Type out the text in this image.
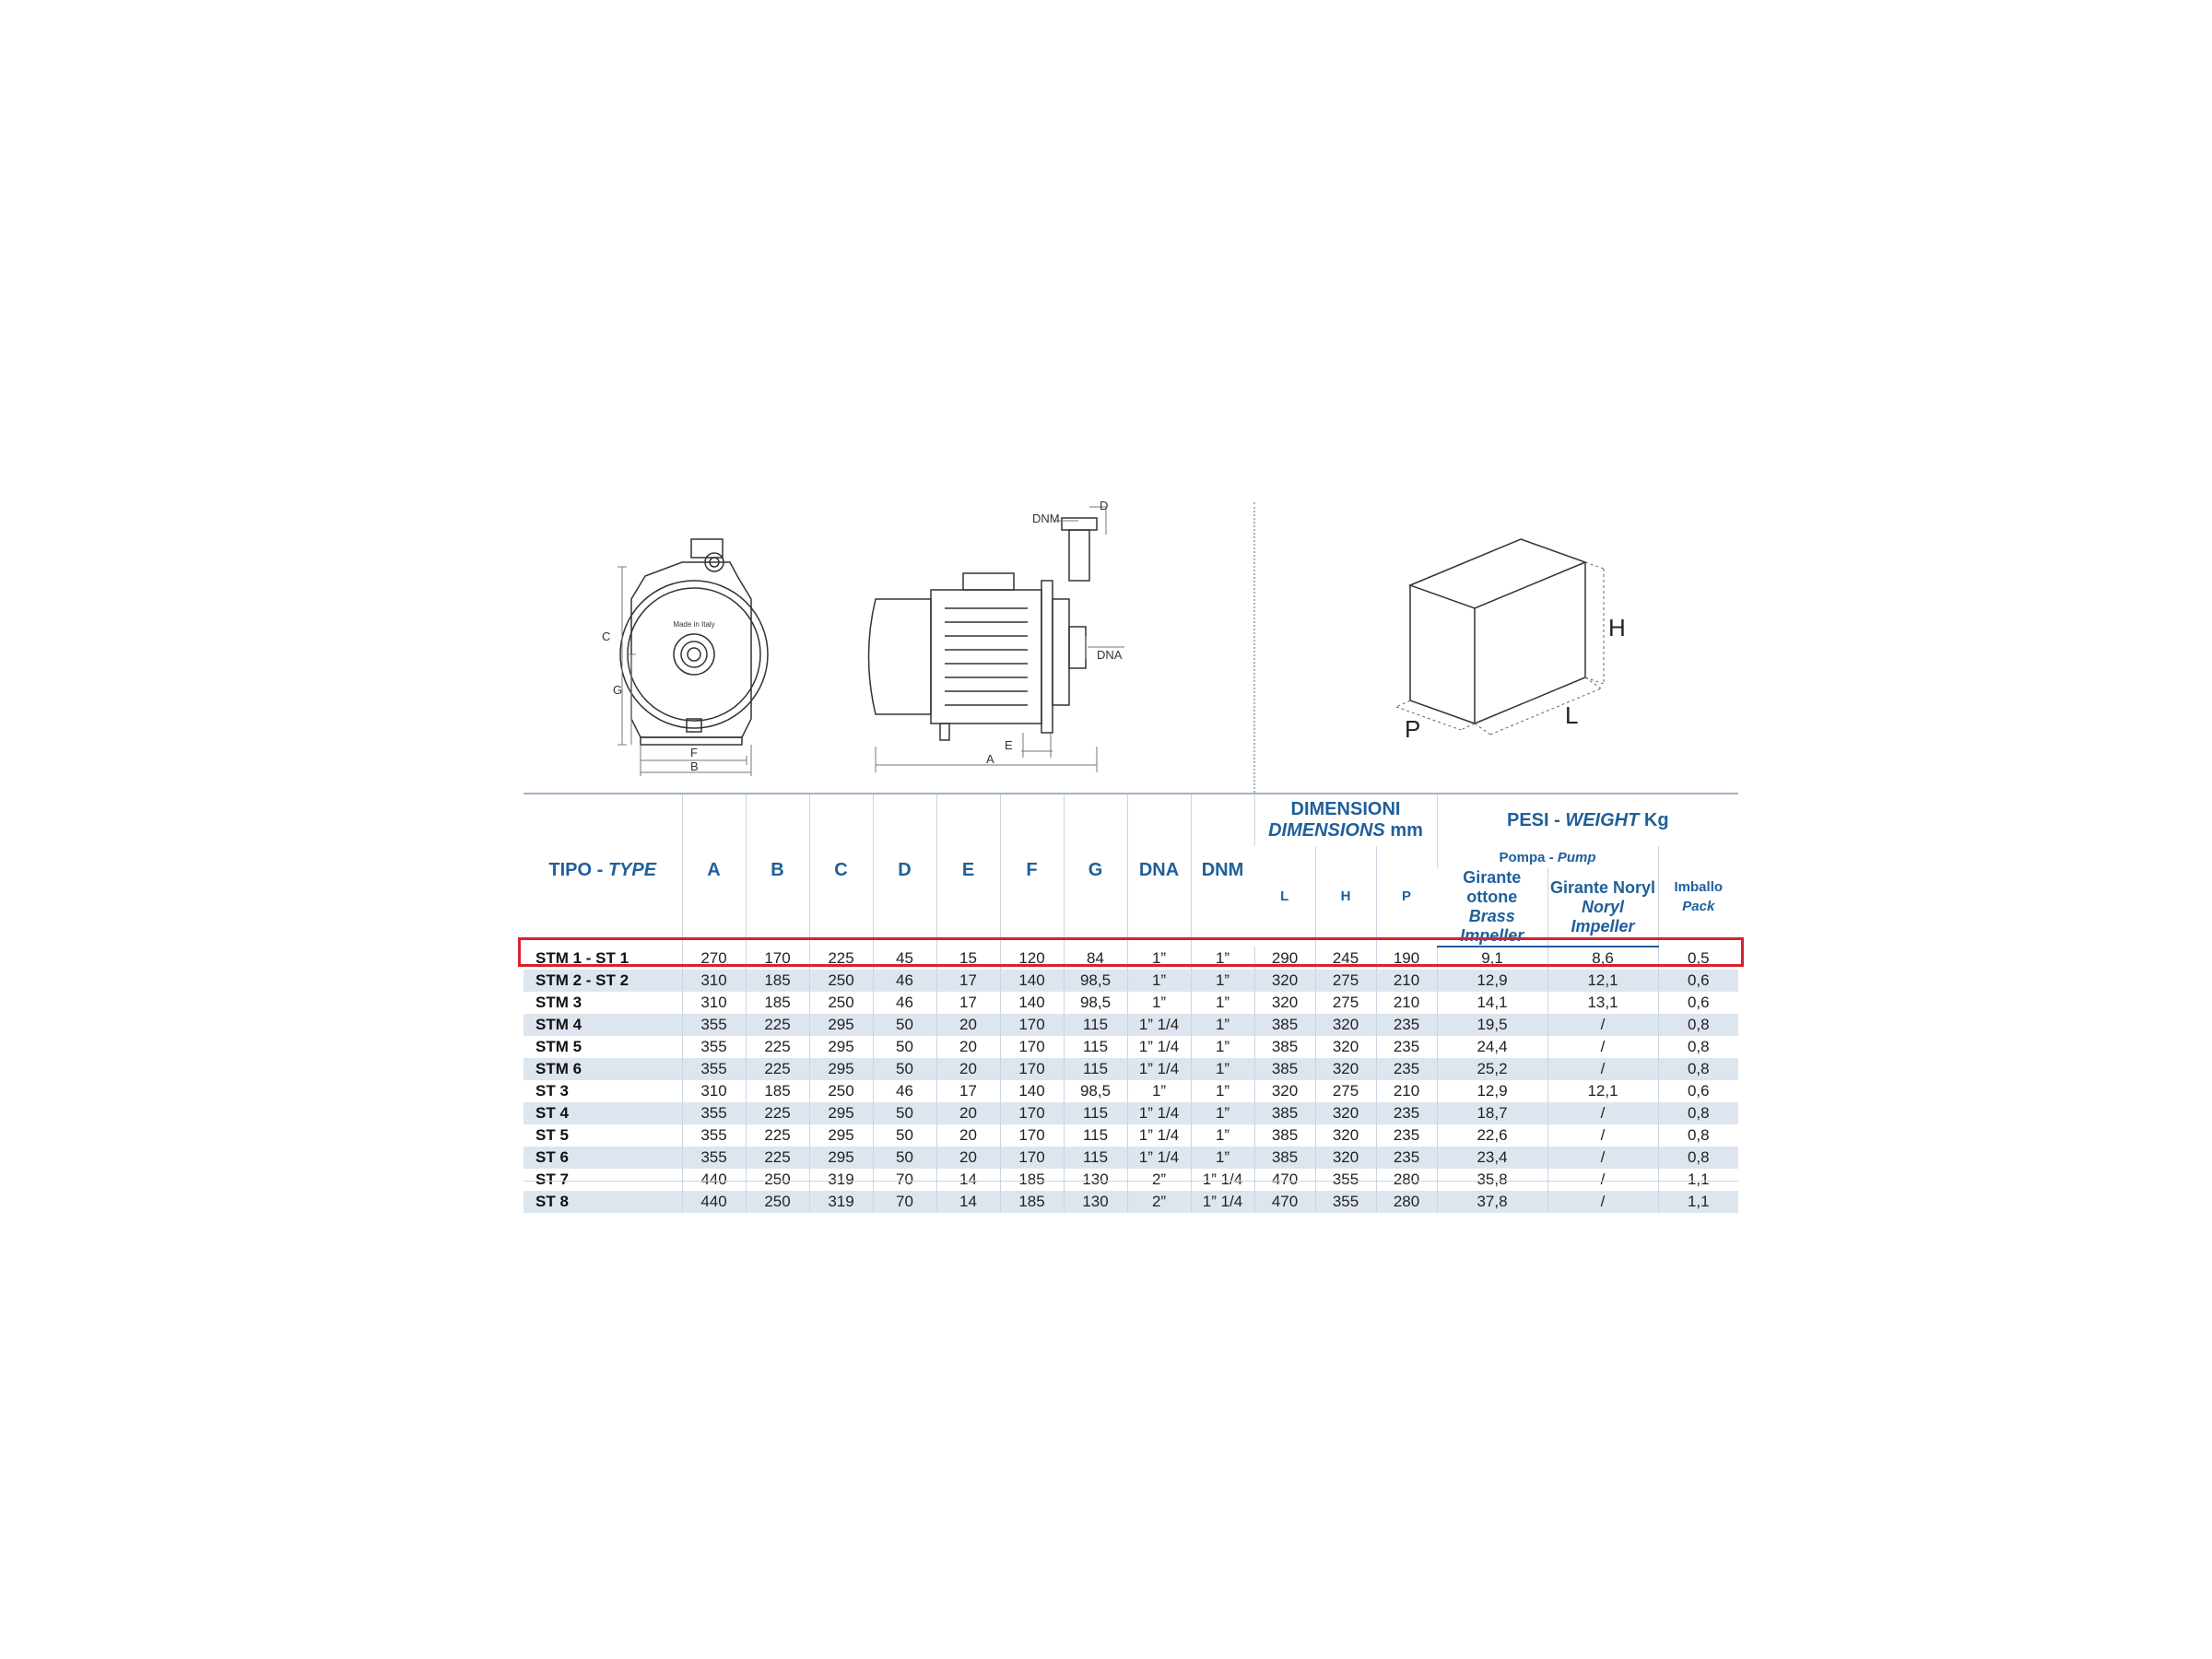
C
G
F
B
Made in Italy
D
DNM
DNA
E
A
H
L
P
TIPO - TYPE	A	B	C	D	E	F	G	DNA	DNM	DIMENSIONI
DIMENSIONS mm			PESI - WEIGHT Kg		
										L	H	P	Pompa - Pump		Imballo
Pack

													Girante ottone
Brass Impeller	Girante Noryl
Noryl Impeller	

STM 1 - ST 1	270	170	225	45	15	120	84	1”	1”	290	245	190	9,1	8,6	0,5
STM 2 - ST 2	310	185	250	46	17	140	98,5	1”	1”	320	275	210	12,9	12,1	0,6
STM 3	310	185	250	46	17	140	98,5	1”	1”	320	275	210	14,1	13,1	0,6
STM 4	355	225	295	50	20	170	115	1” 1/4	1”	385	320	235	19,5	/	0,8
STM 5	355	225	295	50	20	170	115	1” 1/4	1”	385	320	235	24,4	/	0,8
STM 6	355	225	295	50	20	170	115	1” 1/4	1”	385	320	235	25,2	/	0,8
ST 3	310	185	250	46	17	140	98,5	1”	1”	320	275	210	12,9	12,1	0,6
ST 4	355	225	295	50	20	170	115	1” 1/4	1”	385	320	235	18,7	/	0,8
ST 5	355	225	295	50	20	170	115	1” 1/4	1”	385	320	235	22,6	/	0,8
ST 6	355	225	295	50	20	170	115	1” 1/4	1”	385	320	235	23,4	/	0,8
ST 7	440	250	319	70	14	185	130	2”	1” 1/4	470	355	280	35,8	/	1,1
ST 8	440	250	319	70	14	185	130	2”	1” 1/4	470	355	280	37,8	/	1,1
